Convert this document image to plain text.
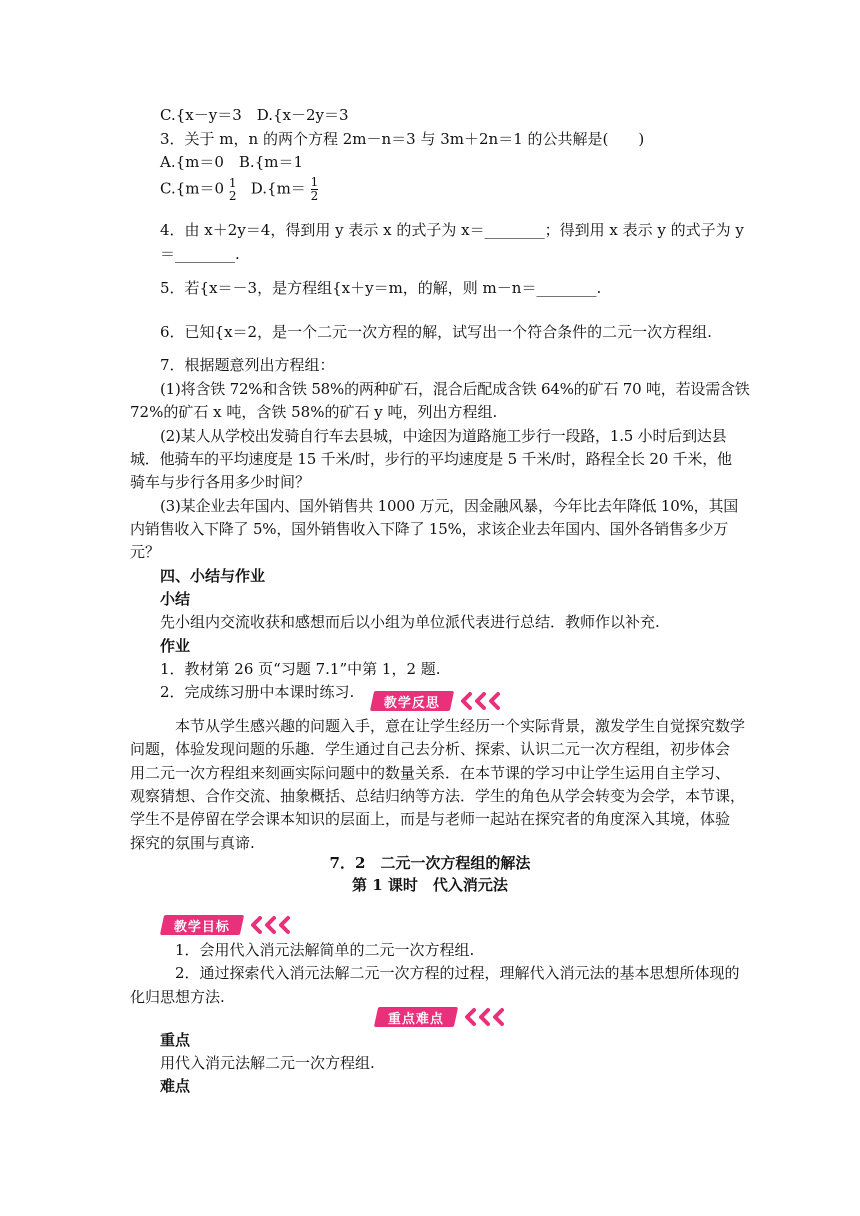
C.{x－y＝3　D.{x－2y＝3
3．关于 m，n 的两个方程 2m－n＝3 与 3m＋2n＝1 的公共解是(　　)
A.{m＝0　B.{m＝1
C.{m＝0 1
2 $D.\{m= \frac{1}{2}$
4．由 x＋2y＝4，得到用 y 表示 x 的式子为 x＝________；得到用 x 表示 y 的式子为 y
＝________.
5．若{x＝－3，是方程组{x＋y＝m，的解，则 m－n＝________.
6．已知{x＝2，是一个二元一次方程的解，试写出一个符合条件的二元一次方程组.
7．根据题意列出方程组：
(1)将含铁 72%和含铁 58%的两种矿石，混合后配成含铁 64%的矿石 70 吨，若设需含铁
72%的矿石 x 吨，含铁 58%的矿石 y 吨，列出方程组.
(2)某人从学校出发骑自行车去县城，中途因为道路施工步行一段路，1.5 小时后到达县
城．他骑车的平均速度是 15 千米/时，步行的平均速度是 5 千米/时，路程全长 20 千米，他
骑车与步行各用多少时间？
(3)某企业去年国内、国外销售共 1000 万元，因金融风暴，今年比去年降低 10%，其国
内销售收入下降了 5%，国外销售收入下降了 15%，求该企业去年国内、国外各销售多少万
元？
四、小结与作业
小结
先小组内交流收获和感想而后以小组为单位派代表进行总结．教师作以补充.
作业
1．教材第 26 页“习题 7.1”中第 1，2 题.
2．完成练习册中本课时练习.
教学反思
本节从学生感兴趣的问题入手，意在让学生经历一个实际背景，激发学生自觉探究数学
问题，体验发现问题的乐趣．学生通过自己去分析、探索、认识二元一次方程组，初步体会
用二元一次方程组来刻画实际问题中的数量关系．在本节课的学习中让学生运用自主学习、
观察猜想、合作交流、抽象概括、总结归纳等方法．学生的角色从学会转变为会学，本节课，
学生不是停留在学会课本知识的层面上，而是与老师一起站在探究者的角度深入其境，体验
探究的氛围与真谛.
7．2　二元一次方程组的解法
第 1 课时　代入消元法
教学目标
1．会用代入消元法解简单的二元一次方程组.
2．通过探索代入消元法解二元一次方程的过程，理解代入消元法的基本思想所体现的
化归思想方法.
重点难点
重点
用代入消元法解二元一次方程组.
难点
